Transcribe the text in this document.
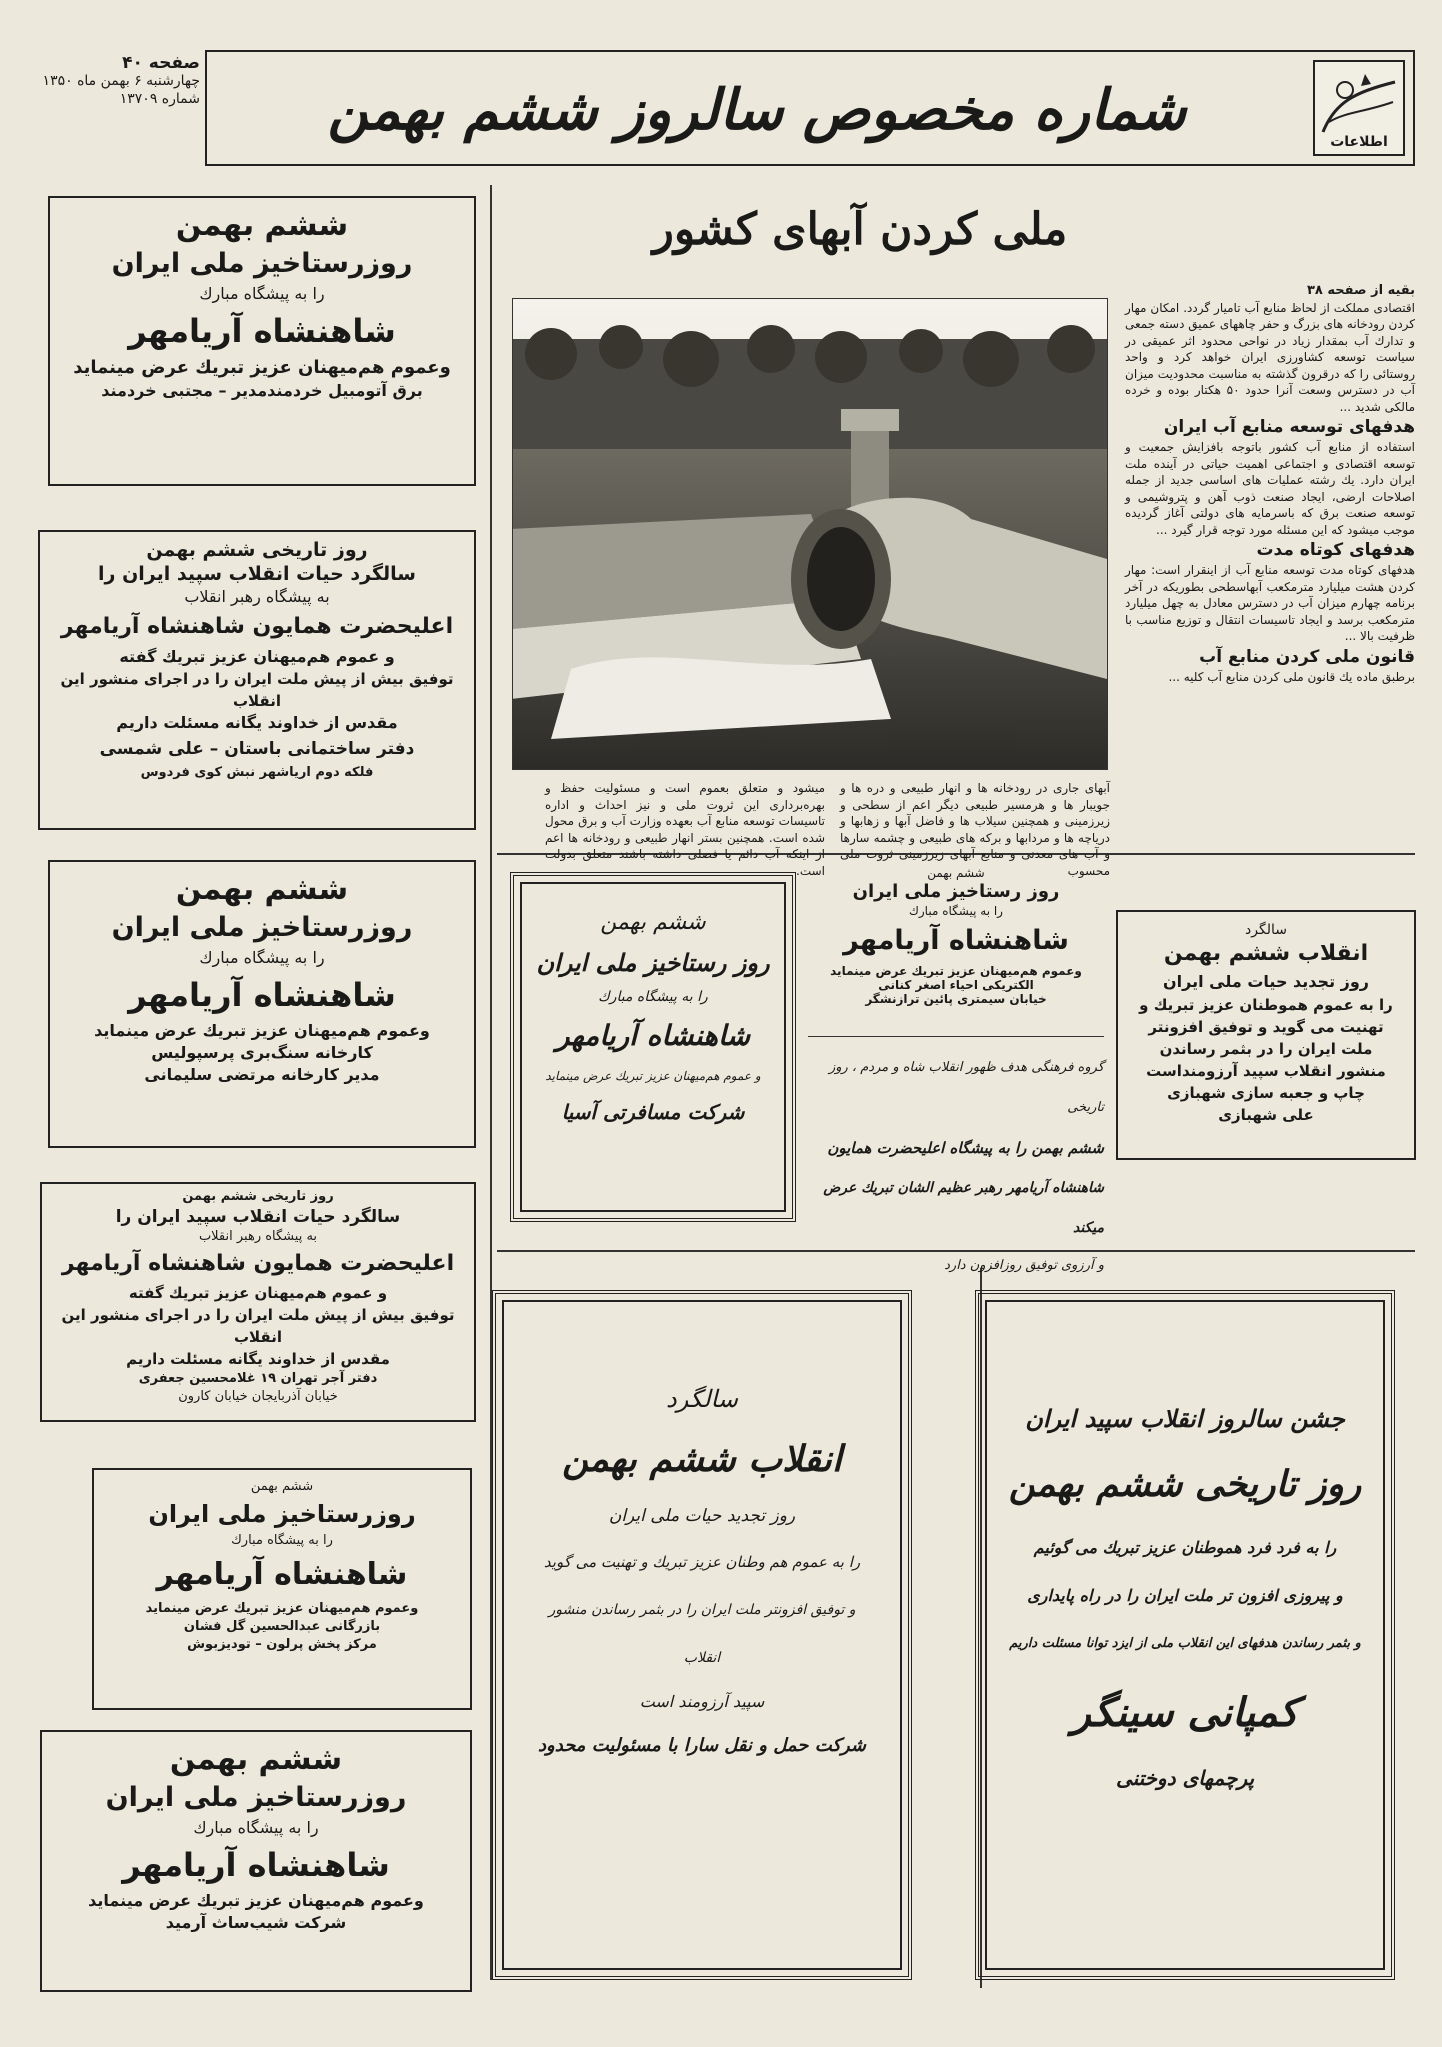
اطلاعات
شماره مخصوص سالروز ششم بهمن
صفحه ۴۰
چهارشنبه ۶ بهمن ماه ۱۳۵۰
شماره ۱۳۷۰۹
ششم بهمن
روزرستاخیز ملی ایران
را به پیشگاه مبارك
شاهنشاه آریامهر
وعموم هم‌میهنان عزیز تبریك عرض مینماید
برق آتومبیل خردمندمدیر – مجتبی خردمند
روز تاریخی ششم بهمن
سالگرد حیات انقلاب سپید ایران را
به پیشگاه رهبر انقلاب
اعلیحضرت همایون شاهنشاه آریامهر
و عموم هم‌میهنان عزیز تبریك گفته
توفیق بیش از پیش ملت ایران را در اجرای منشور این انقلاب
مقدس از خداوند یگانه مسئلت داریم
دفتر ساختمانی باستان – علی شمسی
فلکه دوم اریاشهر نبش کوی فردوس
ششم بهمن
روزرستاخیز ملی ایران
را به پیشگاه مبارك
شاهنشاه آریامهر
وعموم هم‌میهنان عزیز تبریك عرض مینماید
کارخانه سنگ‌بری پرسپولیس
مدیر کارخانه مرتضی سلیمانی
روز تاریخی ششم بهمن
سالگرد حیات انقلاب سپید ایران را
به پیشگاه رهبر انقلاب
اعلیحضرت همایون شاهنشاه آریامهر
و عموم هم‌میهنان عزیز تبریك گفته
توفیق بیش از پیش ملت ایران را در اجرای منشور این انقلاب
مقدس از خداوند یگانه مسئلت داریم
دفتر آجر تهران ۱۹ غلامحسین جعفری
خیابان آذربایجان خیابان کارون
ششم بهمن
روزرستاخیز ملی ایران
را به پیشگاه مبارك
شاهنشاه آریامهر
وعموم هم‌میهنان عزیز تبریك عرض مینماید
بازرگانی عبدالحسین گل فشان
مرکز پخش پرلون – تودیزبوش
ششم بهمن
روزرستاخیز ملی ایران
را به پیشگاه مبارك
شاهنشاه آریامهر
وعموم هم‌میهنان عزیز تبریك عرض مینماید
شرکت شیب‌ساث آرمید
ملی کردن آبهای کشور
بقیه از صفحه ۳۸
اقتصادی مملکت از لحاظ منابع آب تامیار گردد. امکان مهار کردن رودخانه های بزرگ و حفر چاههای عمیق دسته جمعی و تدارك آب بمقدار زیاد در نواحی محدود اثر عمیقی در سیاست توسعه کشاورزی ایران خواهد کرد و واحد روستائی را که درقرون گذشته به مناسبت محدودیت میزان آب در دسترس وسعت آنرا حدود ۵۰ هکتار بوده و خرده مالکی شدید ...
هدفهای توسعه منابع آب ایران
استفاده از منابع آب کشور باتوجه بافزایش جمعیت و توسعه اقتصادی و اجتماعی اهمیت حیاتی در آینده ملت ایران دارد. یك رشته عملیات های اساسی جدید از جمله اصلاحات ارضی، ایجاد صنعت ذوب آهن و پتروشیمی و توسعه صنعت برق که باسرمایه های دولتی آغاز گردیده موجب میشود که این مسئله مورد توجه قرار گیرد ...
هدفهای کوتاه مدت
هدفهای کوتاه مدت توسعه منابع آب از اینقرار است: مهار کردن هشت میلیارد مترمکعب آبهاسطحی بطوریکه در آخر برنامه چهارم میزان آب در دسترس معادل به چهل میلیارد مترمکعب برسد و ایجاد تاسیسات انتقال و توزیع مناسب با ظرفیت بالا ...
قانون ملی کردن منابع آب
برطبق ماده یك قانون ملی کردن منابع آب کلیه ...
آبهای جاری در رودخانه ها و انهار طبیعی و دره ها و جویبار ها و هرمسیر طبیعی دیگر اعم از سطحی و زیرزمینی و همچنین سیلاب ها و فاضل آبها و زهابها و دریاچه ها و مردابها و برکه های طبیعی و چشمه سارها و آب های معدنی و منابع آبهای زیرزمینی ثروت ملی محسوب
میشود و متعلق بعموم است و مسئولیت حفظ و بهره‌برداری این ثروت ملی و نیز احداث و اداره تاسیسات توسعه منابع آب بعهده وزارت آب و برق محول شده است. همچنین بستر انهار طبیعی و رودخانه ها اعم از اینکه آب دائم یا فصلی داشته باشند متعلق بدولت است.
ششم بهمن
روز رستاخیز ملی ایران
را به پیشگاه مبارك
شاهنشاه آریامهر
و عموم هم‌میهنان عزیز تبریك عرض مینماید
شرکت مسافرتی آسیا
ششم بهمن
روز رستاخیز ملی ایران
را به پیشگاه مبارك
شاهنشاه آریامهر
وعموم هم‌میهنان عزیز تبریك عرض مینماید
الکتریکی احیاء اصغر کنانی
خیابان سیمتری پائین ترازنشگر
گروه فرهنگی هدف ظهور انقلاب شاه و مردم ، روز تاریخی
ششم بهمن را به پیشگاه اعلیحضرت همایون
شاهنشاه آریامهر رهبر عظیم الشان تبریك عرض میکند
و آرزوی توفیق روزافزون دارد
سالگرد
انقلاب ششم بهمن
روز تجدید حیات ملی ایران
را به عموم هموطنان عزیز تبریك و
تهنیت می گوید و توفیق افزونتر
ملت ایران را در بثمر رساندن
منشور انقلاب سپید آرزومنداست
چاپ و جعبه سازی شهبازی
علی شهبازی
سالگرد
انقلاب ششم بهمن
روز تجدید حیات ملی ایران
را به عموم هم وطنان عزیز تبریك و تهنیت می گوید
و توفیق افزونتر ملت ایران را در بثمر رساندن منشور انقلاب
سپید آرزومند است
شرکت حمل و نقل سارا با مسئولیت محدود
جشن سالروز انقلاب سپید ایران
روز تاریخی ششم بهمن
را به فرد فرد هموطنان عزیز تبریك می گوئیم
و پیروزی افزون تر ملت ایران را در راه پایداری
و بثمر رساندن هدفهای این انقلاب ملی از ایزد توانا مسئلت داریم
کمپانی سینگر
پرچمهای دوختنی
